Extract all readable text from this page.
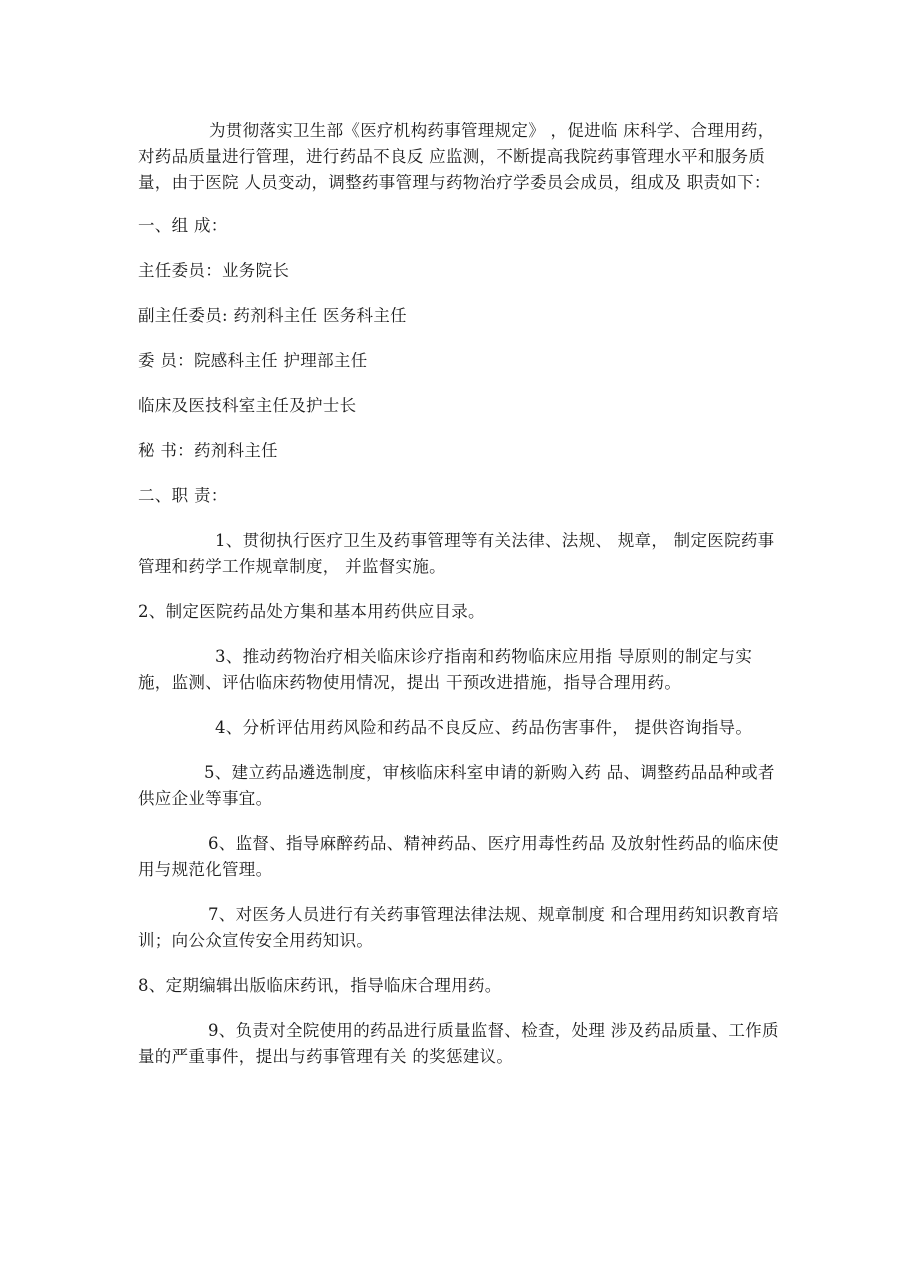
为贯彻落实卫生部《医疗机构药事管理规定》 ，促进临 床科学、合理用药，对药品质量进行管理，进行药品不良反 应监测，不断提高我院药事管理水平和服务质量，由于医院 人员变动，调整药事管理与药物治疗学委员会成员，组成及 职责如下：

一、组 成：

主任委员：业务院长

副主任委员: 药剂科主任 医务科主任

委 员：院感科主任 护理部主任

临床及医技科室主任及护士长

秘 书：药剂科主任

二、职 责：

1、贯彻执行医疗卫生及药事管理等有关法律、法规、 规章， 制定医院药事管理和药学工作规章制度， 并监督实施。

2、制定医院药品处方集和基本用药供应目录。

3、推动药物治疗相关临床诊疗指南和药物临床应用指 导原则的制定与实施，监测、评估临床药物使用情况，提出 干预改进措施，指导合理用药。

4、分析评估用药风险和药品不良反应、药品伤害事件， 提供咨询指导。

5、建立药品遴选制度，审核临床科室申请的新购入药 品、调整药品品种或者供应企业等事宜。

6、监督、指导麻醉药品、精神药品、医疗用毒性药品 及放射性药品的临床使用与规范化管理。

7、对医务人员进行有关药事管理法律法规、规章制度 和合理用药知识教育培训；向公众宣传安全用药知识。

8、定期编辑出版临床药讯，指导临床合理用药。

9、负责对全院使用的药品进行质量监督、检查，处理 涉及药品质量、工作质量的严重事件，提出与药事管理有关 的奖惩建议。
